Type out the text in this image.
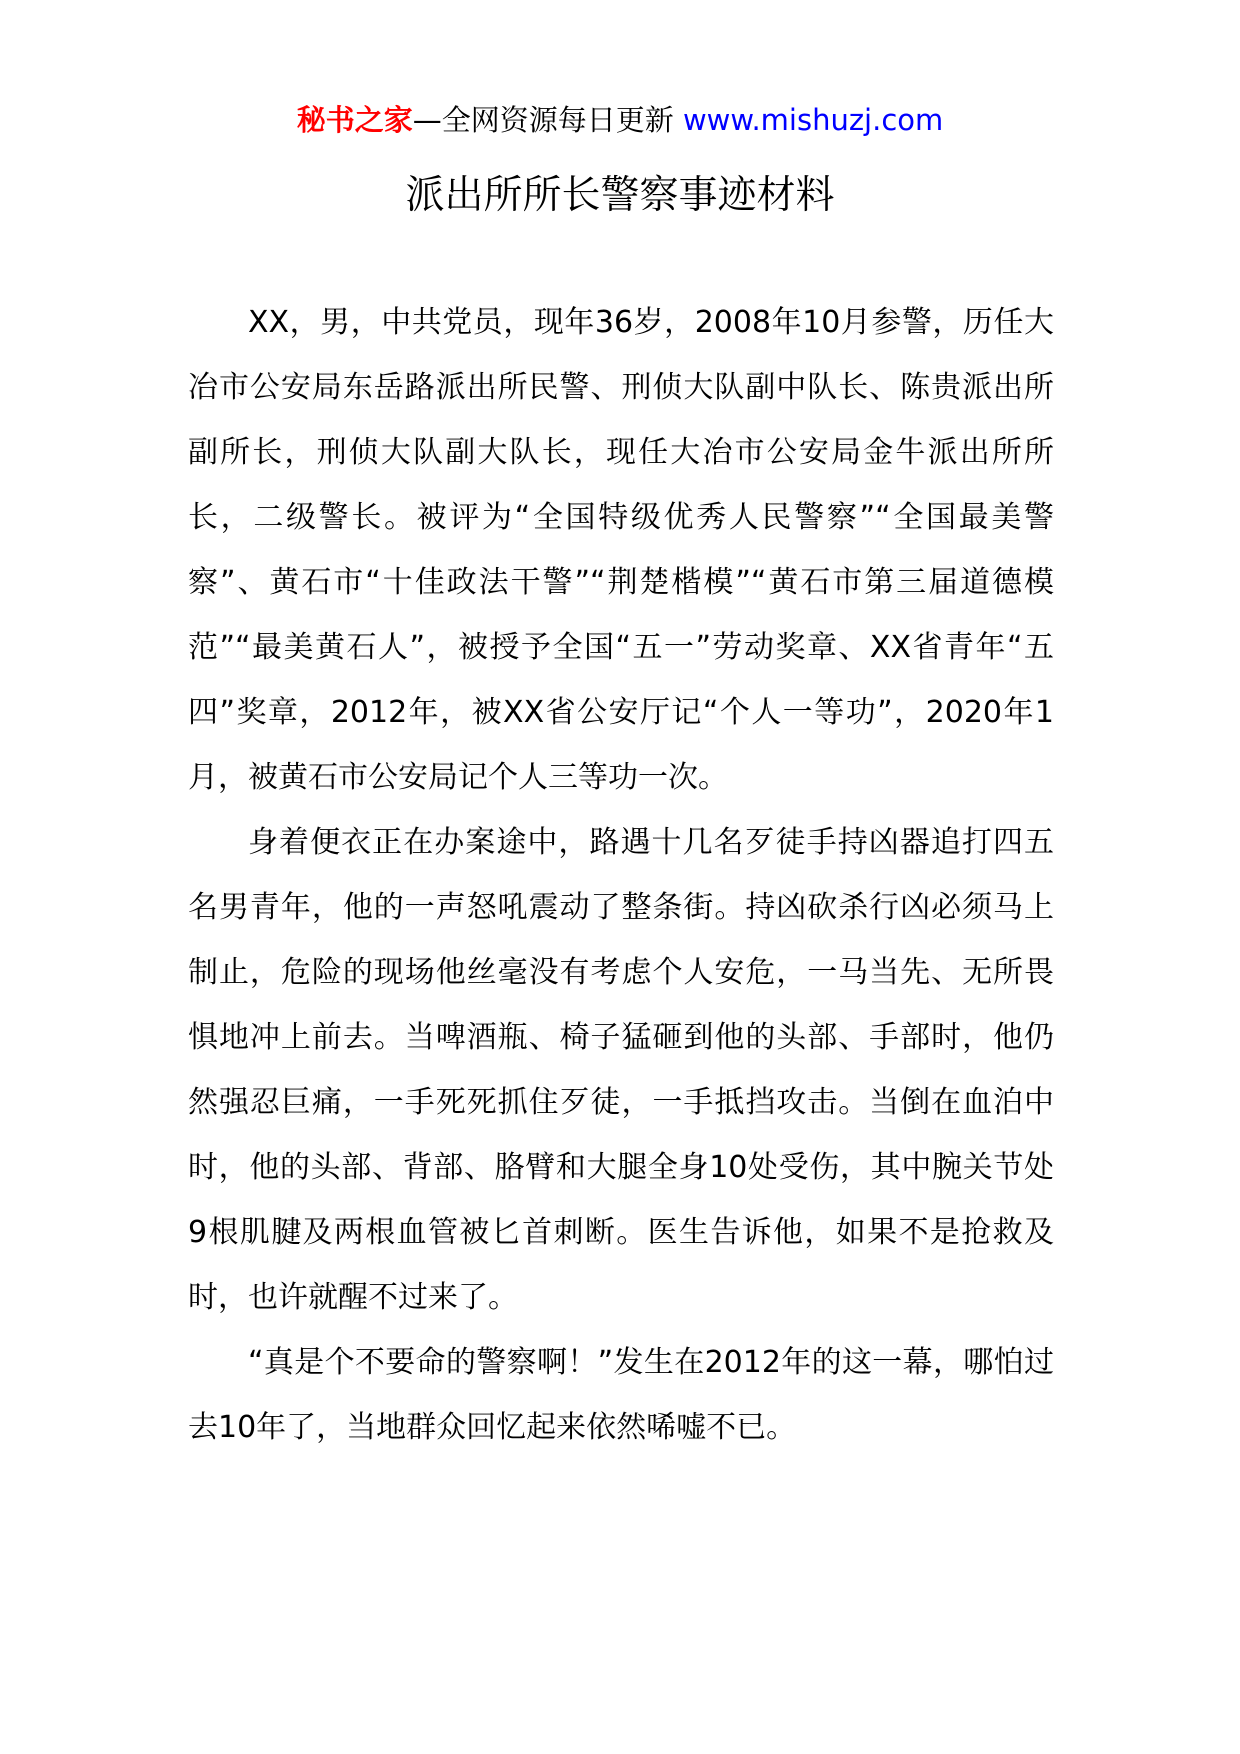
秘书之家—全网资源每日更新 www.mishuzj.com
派出所所长警察事迹材料

XX，男，中共党员，现年36岁，2008年10月参警，历任大冶市公安局东岳路派出所民警、刑侦大队副中队长、陈贵派出所副所长，刑侦大队副大队长，现任大冶市公安局金牛派出所所长，二级警长。被评为“全国特级优秀人民警察”“全国最美警察”、黄石市“十佳政法干警”“荆楚楷模”“黄石市第三届道德模范”“最美黄石人”，被授予全国“五一”劳动奖章、XX省青年“五四”奖章，2012年，被XX省公安厅记“个人一等功”，2020年1月，被黄石市公安局记个人三等功一次。

身着便衣正在办案途中，路遇十几名歹徒手持凶器追打四五名男青年，他的一声怒吼震动了整条街。持凶砍杀行凶必须马上制止，危险的现场他丝毫没有考虑个人安危，一马当先、无所畏惧地冲上前去。当啤酒瓶、椅子猛砸到他的头部、手部时，他仍然强忍巨痛，一手死死抓住歹徒，一手抵挡攻击。当倒在血泊中时，他的头部、背部、胳臂和大腿全身10处受伤，其中腕关节处9根肌腱及两根血管被匕首刺断。医生告诉他，如果不是抢救及时，也许就醒不过来了。

“真是个不要命的警察啊！”发生在2012年的这一幕，哪怕过去10年了，当地群众回忆起来依然唏嘘不已。
